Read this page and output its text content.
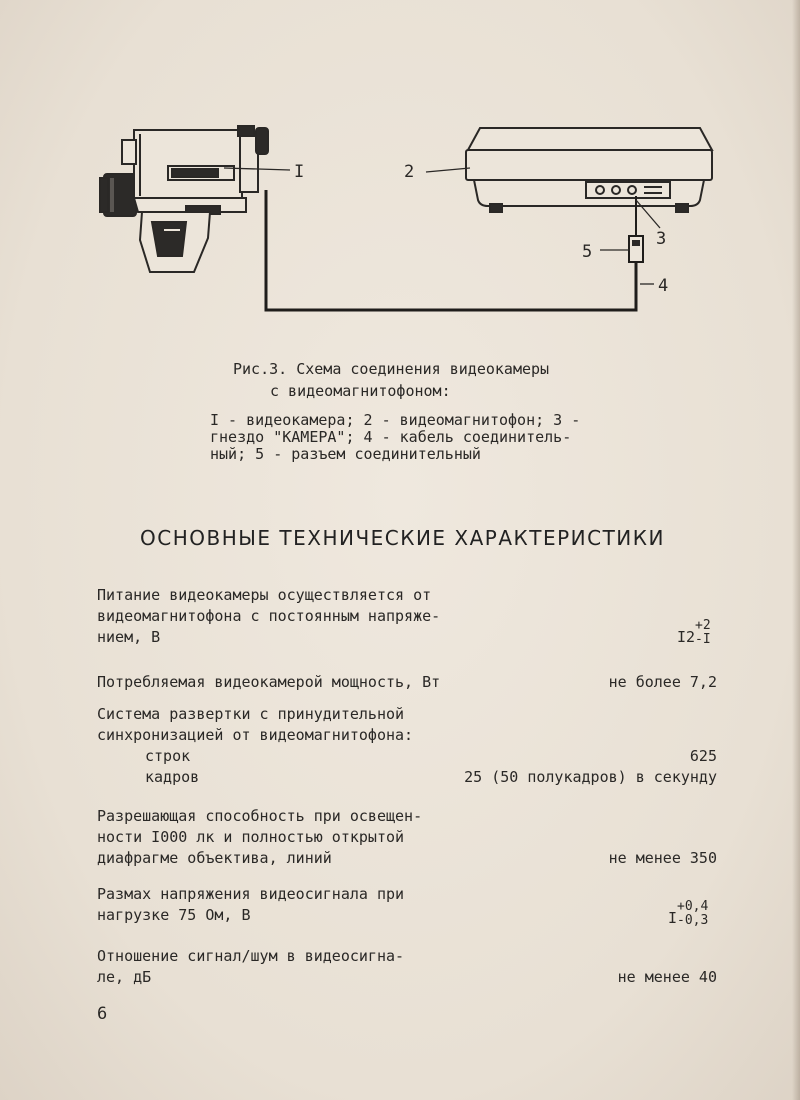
I	2
3
5
4
Рис.3. Схема соединения видеокамеры
с видеомагнитофоном:
I - видеокамера; 2 - видеомагнитофон; 3 -
гнездо "КАМЕРА"; 4 - кабель соединитель-
ный; 5 - разъем соединительный
ОСНОВНЫЕ ТЕХНИЧЕСКИЕ ХАРАКТЕРИСТИКИ
Питание видеокамеры осуществляется от
видеомагнитофона с постоянным напряже-
нием, В	I2
+2
-I
Потребляемая видеокамерой мощность, Вт	не более 7,2
Система развертки с принудительной
синхронизацией от видеомагнитофона:
строк	625
кадров	25 (50 полукадров) в секунду
Разрешающая способность при освещен-
ности I000 лк и полностью открытой
диафрагме объектива, линий	не менее 350
Размах напряжения видеосигнала при
нагрузке 75 Ом, В	I
+0,4
-0,3
Отношение сигнал/шум в видеосигна-
ле, дБ	не менее 40
6
